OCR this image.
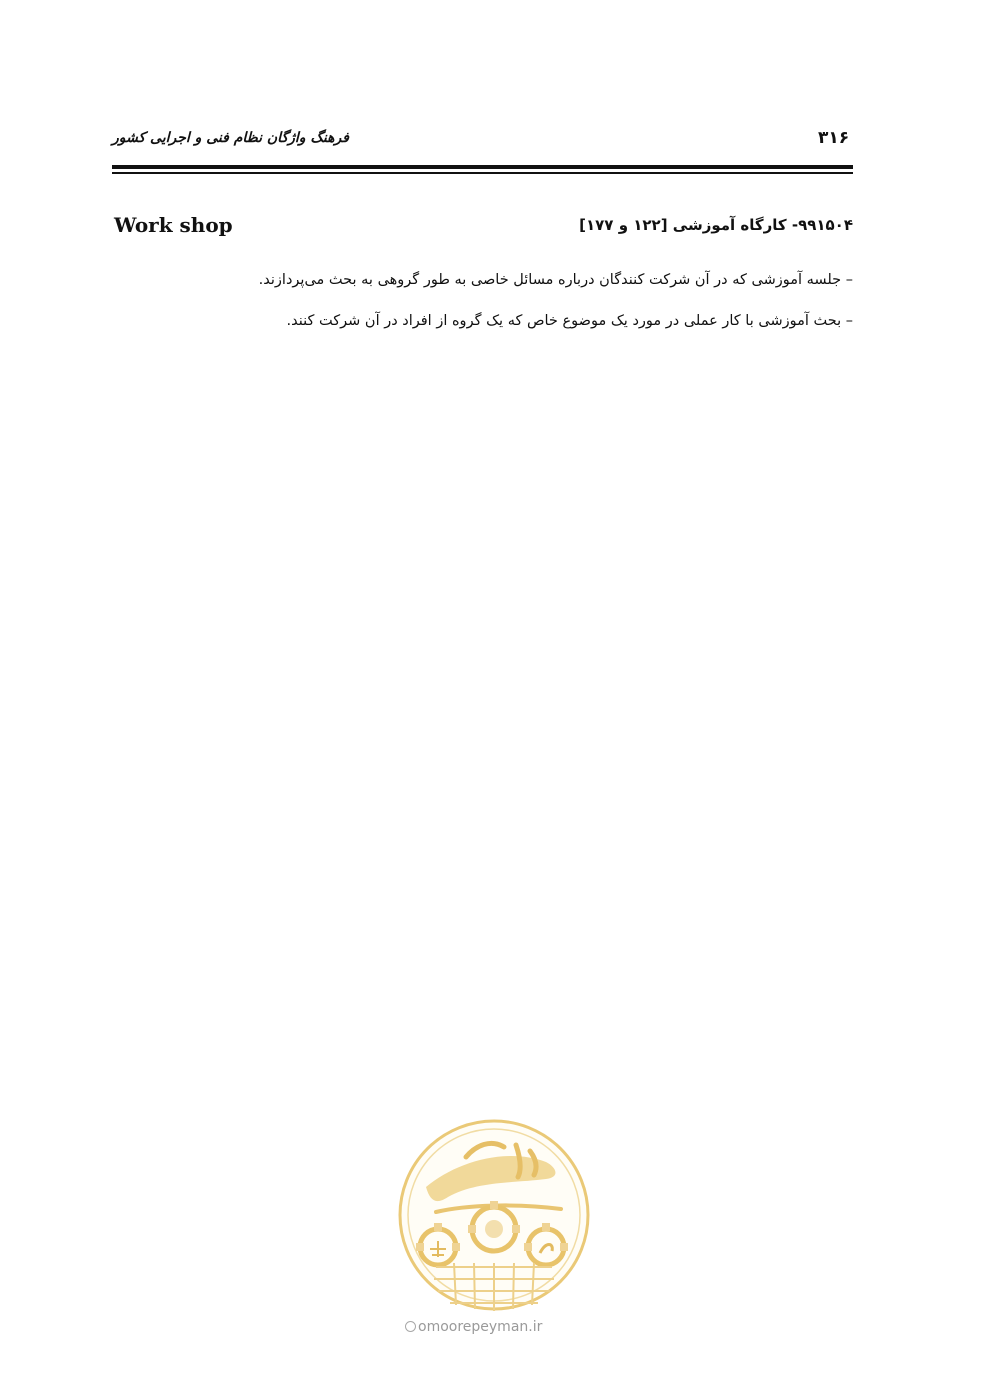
۳۱۶
فرهنگ واژگان نظام فنی و اجرایی کشور
۹۹۱۵۰۴- کارگاه آموزشی [۱۲۲ و ۱۷۷]
Work shop
– جلسه آموزشی که در آن شرکت کنندگان درباره مسائل خاصی به طور گروهی به بحث می‌پردازند.
– بحث آموزشی با کار عملی در مورد یک موضوع خاص که یک گروه از افراد در آن شرکت کنند.
omoorepeyman.ir
